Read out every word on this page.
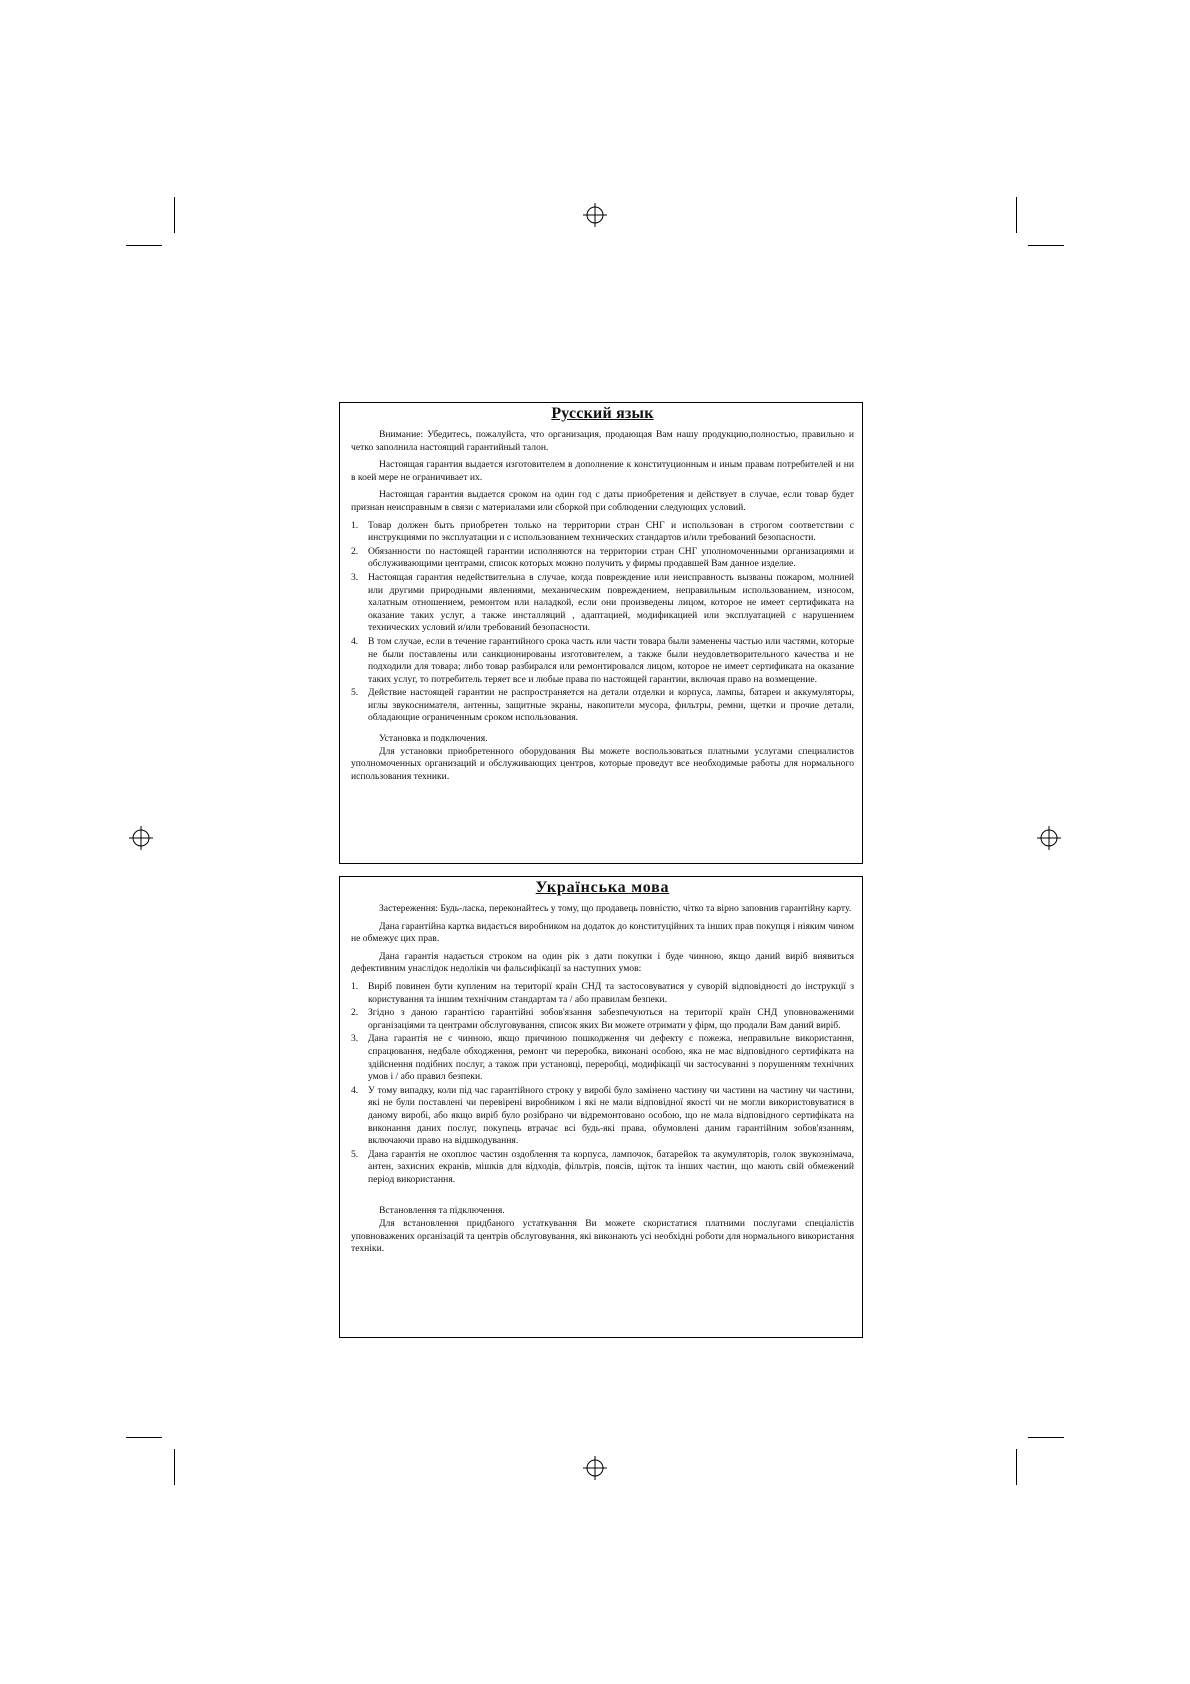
Русский язык

Внимание: Убедитесь, пожалуйста, что организация, продающая Вам нашу продукцию,полностью, правильно и четко заполнила настоящий гарантийный талон.

Настоящая гарантия выдается изготовителем в дополнение к конституционным и иным правам потребителей и ни в коей мере не ограничивает их.

Настоящая гарантия выдается сроком на один год с даты приобретения и действует в случае, если товар будет признан неисправным в связи с материалами или сборкой при соблюдении следующих условий.

1. Товар должен быть приобретен только на территории стран СНГ и использован в строгом соответствии с инструкциями по эксплуатации и с использованием технических стандартов и/или требований безопасности.
2. Обязанности по настоящей гарантии исполняются на территории стран СНГ уполномоченными организациями и обслуживающими центрами, список которых можно получить у фирмы продавшей Вам данное изделие.
3. Настоящая гарантия недействительна в случае, когда повреждение или неисправность вызваны пожаром, молнией или другими природными явлениями, механическим повреждением, неправильным использованием, износом, халатным отношением, ремонтом или наладкой, если они произведены лицом, которое не имеет сертификата на оказание таких услуг, а также инсталляций , адаптацией, модификацией или эксплуатацией с нарушением технических условий и/или требований безопасности.
4. В том случае, если в течение гарантийного срока часть или части товара были заменены частью или частями, которые не были поставлены или санкционированы изготовителем, а также были неудовлетворительного качества и не подходили для товара; либо товар разбирался или ремонтировался лицом, которое не имеет сертификата на оказание таких услуг, то потребитель теряет все и любые права по настоящей гарантии, включая право на возмещение.
5. Действие настоящей гарантии не распространяется на детали отделки и корпуса, лампы, батареи и аккумуляторы, иглы звукоснимателя, антенны, защитные экраны, накопители мусора, фильтры, ремни, щетки и прочие детали, обладающие ограниченным сроком использования.

Установка и подключения.

Для установки приобретенного оборудования Вы можете воспользоваться платными услугами специалистов уполномоченных организаций и обслуживающих центров, которые проведут все необходимые работы для нормального использования техники.

Українська мова

Застереження: Будь-ласка, переконайтесь у тому, що продавець повністю, чітко та вірно заповнив гарантійну карту.

Дана гарантійна картка видається виробником на додаток до конституційних та інших прав покупця і ніяким чином не обмежує цих прав.

Дана гарантія надається строком на один рік з дати покупки і буде чинною, якщо даний виріб виявиться дефективним унаслідок недоліків чи фальсифікації за наступних умов:

1. Виріб повинен бути купленим на території країн СНД та застосовуватися у суворій відповідності до інструкції з користування та іншим технічним стандартам та / або правилам безпеки.
2. Згідно з даною гарантією гарантійні зобов'язання забезпечуються на території країн СНД уповноваженими організаціями та центрами обслуговування, список яких Ви можете отримати у фірм, що продали Вам даний виріб.
3. Дана гарантія не є чинною, якщо причиною пошкодження чи дефекту є пожежа, неправильне використання, спрацювання, недбале обходження, ремонт чи переробка, виконані особою, яка не має відповідного сертифіката на здійснення подібних послуг, а також при установці, переробці, модифікації чи застосуванні з порушенням технічних умов і / або правил безпеки.
4. У тому випадку, коли під час гарантійного строку у виробі було замінено частину чи частини на частину чи частини, які не були поставлені чи перевірені виробником і які не мали відповідної якості чи не могли використовуватися в даному виробі, або якщо виріб було розібрано чи відремонтовано особою, що не мала відповідного сертифіката на виконання даних послуг, покупець втрачає всі будь-які права, обумовлені даним гарантійним зобов'язанням, включаючи право на відшкодування.
5. Дана гарантія не охоплює частин оздоблення та корпуса, лампочок, батарейок та акумуляторів, голок звукознімача, антен, захисних екранів, мішків для відходів, фільтрів, поясів, щіток та інших частин, що мають свій обмежений період використання.

Встановлення та підключення.

Для встановлення придбаного устаткування Ви можете скористатися платними послугами спеціалістів уповноважених організацій та центрів обслуговування, які виконають усі необхідні роботи для нормального використання техніки.
